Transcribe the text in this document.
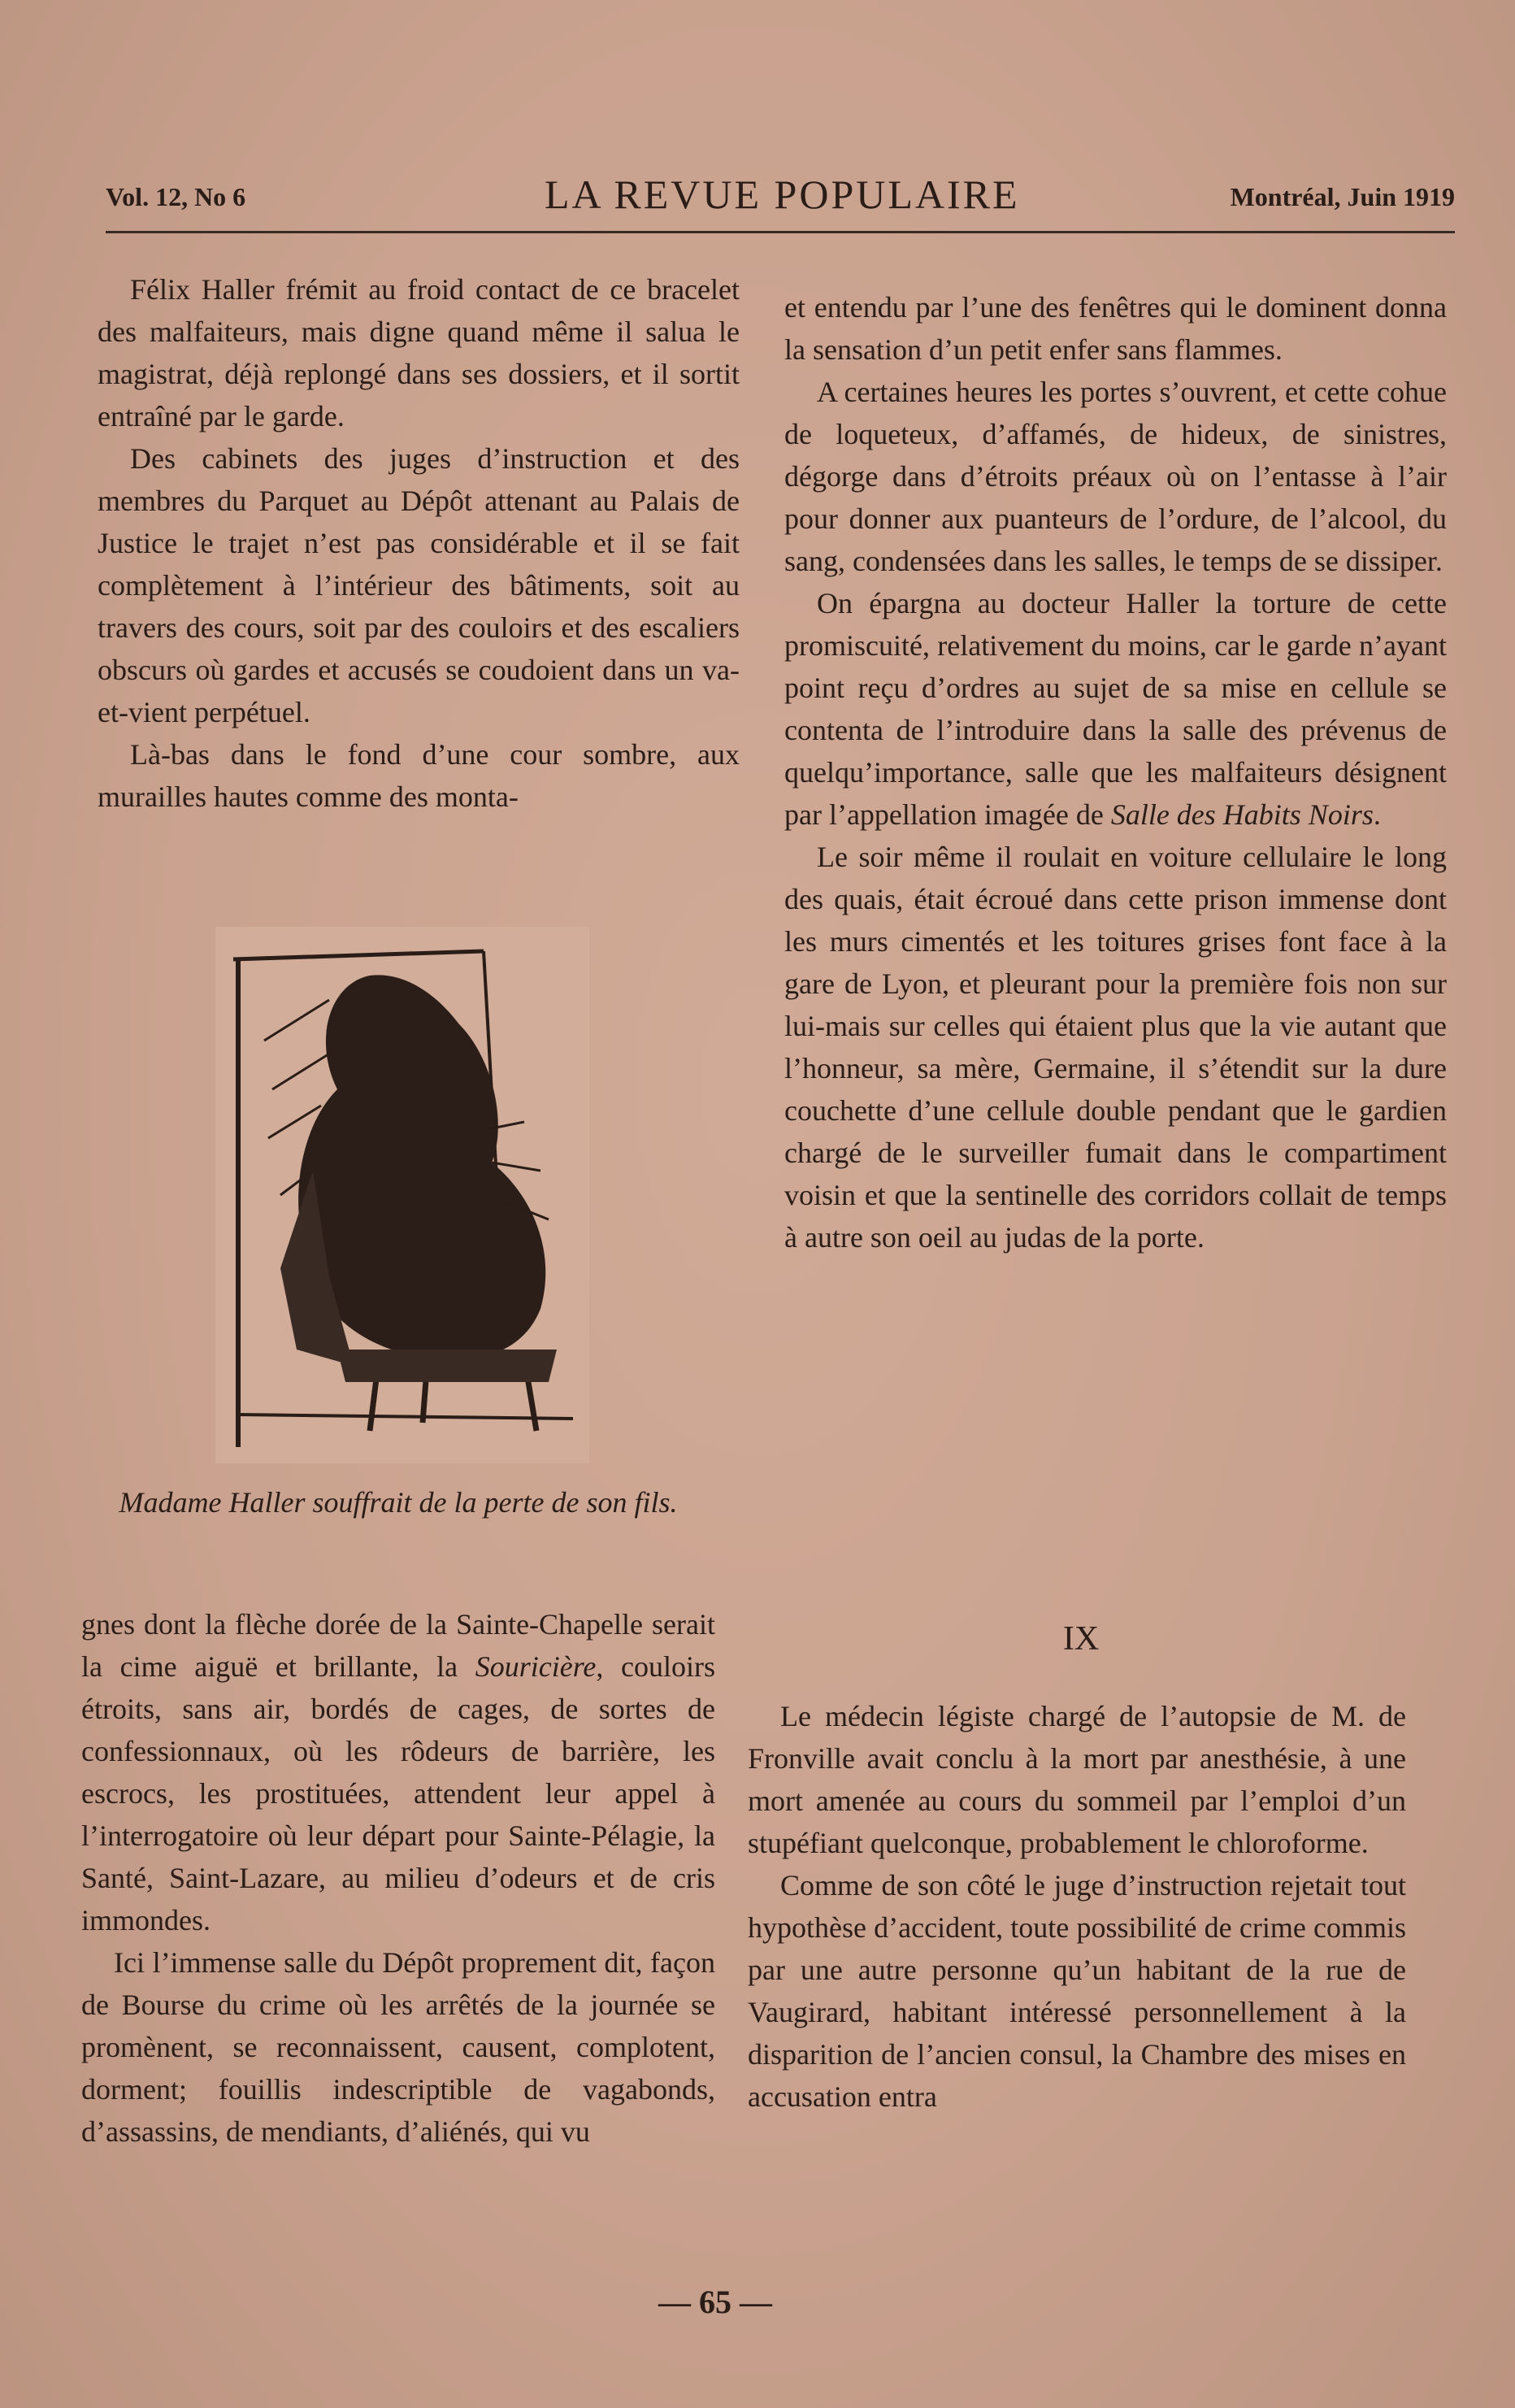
Vol. 12, No 6	LA REVUE POPULAIRE	Montréal, Juin 1919

Félix Haller frémit au froid contact de ce bracelet des malfaiteurs, mais digne quand même il salua le magistrat, déjà replongé dans ses dossiers, et il sortit entraîné par le garde.

Des cabinets des juges d’instruction et des membres du Parquet au Dépôt attenant au Palais de Justice le trajet n’est pas considérable et il se fait complètement à l’intérieur des bâtiments, soit au travers des cours, soit par des couloirs et des escaliers obscurs où gardes et accusés se coudoient dans un va-et-vient perpétuel.

Là-bas dans le fond d’une cour sombre, aux murailles hautes comme des monta-

Madame Haller souffrait de la perte de son fils.

gnes dont la flèche dorée de la Sainte-Chapelle serait la cime aiguë et brillante, la Souricière, couloirs étroits, sans air, bordés de cages, de sortes de confessionnaux, où les rôdeurs de barrière, les escrocs, les prostituées, attendent leur appel à l’interrogatoire où leur départ pour Sainte-Pélagie, la Santé, Saint-Lazare, au milieu d’odeurs et de cris immondes.

Ici l’immense salle du Dépôt proprement dit, façon de Bourse du crime où les arrêtés de la journée se promènent, se reconnaissent, causent, complotent, dorment; fouillis indescriptible de vagabonds, d’assassins, de mendiants, d’aliénés, qui vu

et entendu par l’une des fenêtres qui le dominent donna la sensation d’un petit enfer sans flammes.

A certaines heures les portes s’ouvrent, et cette cohue de loqueteux, d’affamés, de hideux, de sinistres, dégorge dans d’étroits préaux où on l’entasse à l’air pour donner aux puanteurs de l’ordure, de l’alcool, du sang, condensées dans les salles, le temps de se dissiper.

On épargna au docteur Haller la torture de cette promiscuité, relativement du moins, car le garde n’ayant point reçu d’ordres au sujet de sa mise en cellule se contenta de l’introduire dans la salle des prévenus de quelqu’importance, salle que les malfaiteurs désignent par l’appellation imagée de Salle des Habits Noirs.

Le soir même il roulait en voiture cellulaire le long des quais, était écroué dans cette prison immense dont les murs cimentés et les toitures grises font face à la gare de Lyon, et pleurant pour la première fois non sur lui-mais sur celles qui étaient plus que la vie autant que l’honneur, sa mère, Germaine, il s’étendit sur la dure couchette d’une cellule double pendant que le gardien chargé de le surveiller fumait dans le compartiment voisin et que la sentinelle des corridors collait de temps à autre son oeil au judas de la porte.

IX

Le médecin légiste chargé de l’autopsie de M. de Fronville avait conclu à la mort par anesthésie, à une mort amenée au cours du sommeil par l’emploi d’un stupéfiant quelconque, probablement le chloroforme.

Comme de son côté le juge d’instruction rejetait tout hypothèse d’accident, toute possibilité de crime commis par une autre personne qu’un habitant de la rue de Vaugirard, habitant intéressé personnellement à la disparition de l’ancien consul, la Chambre des mises en accusation entra

— 65 —
